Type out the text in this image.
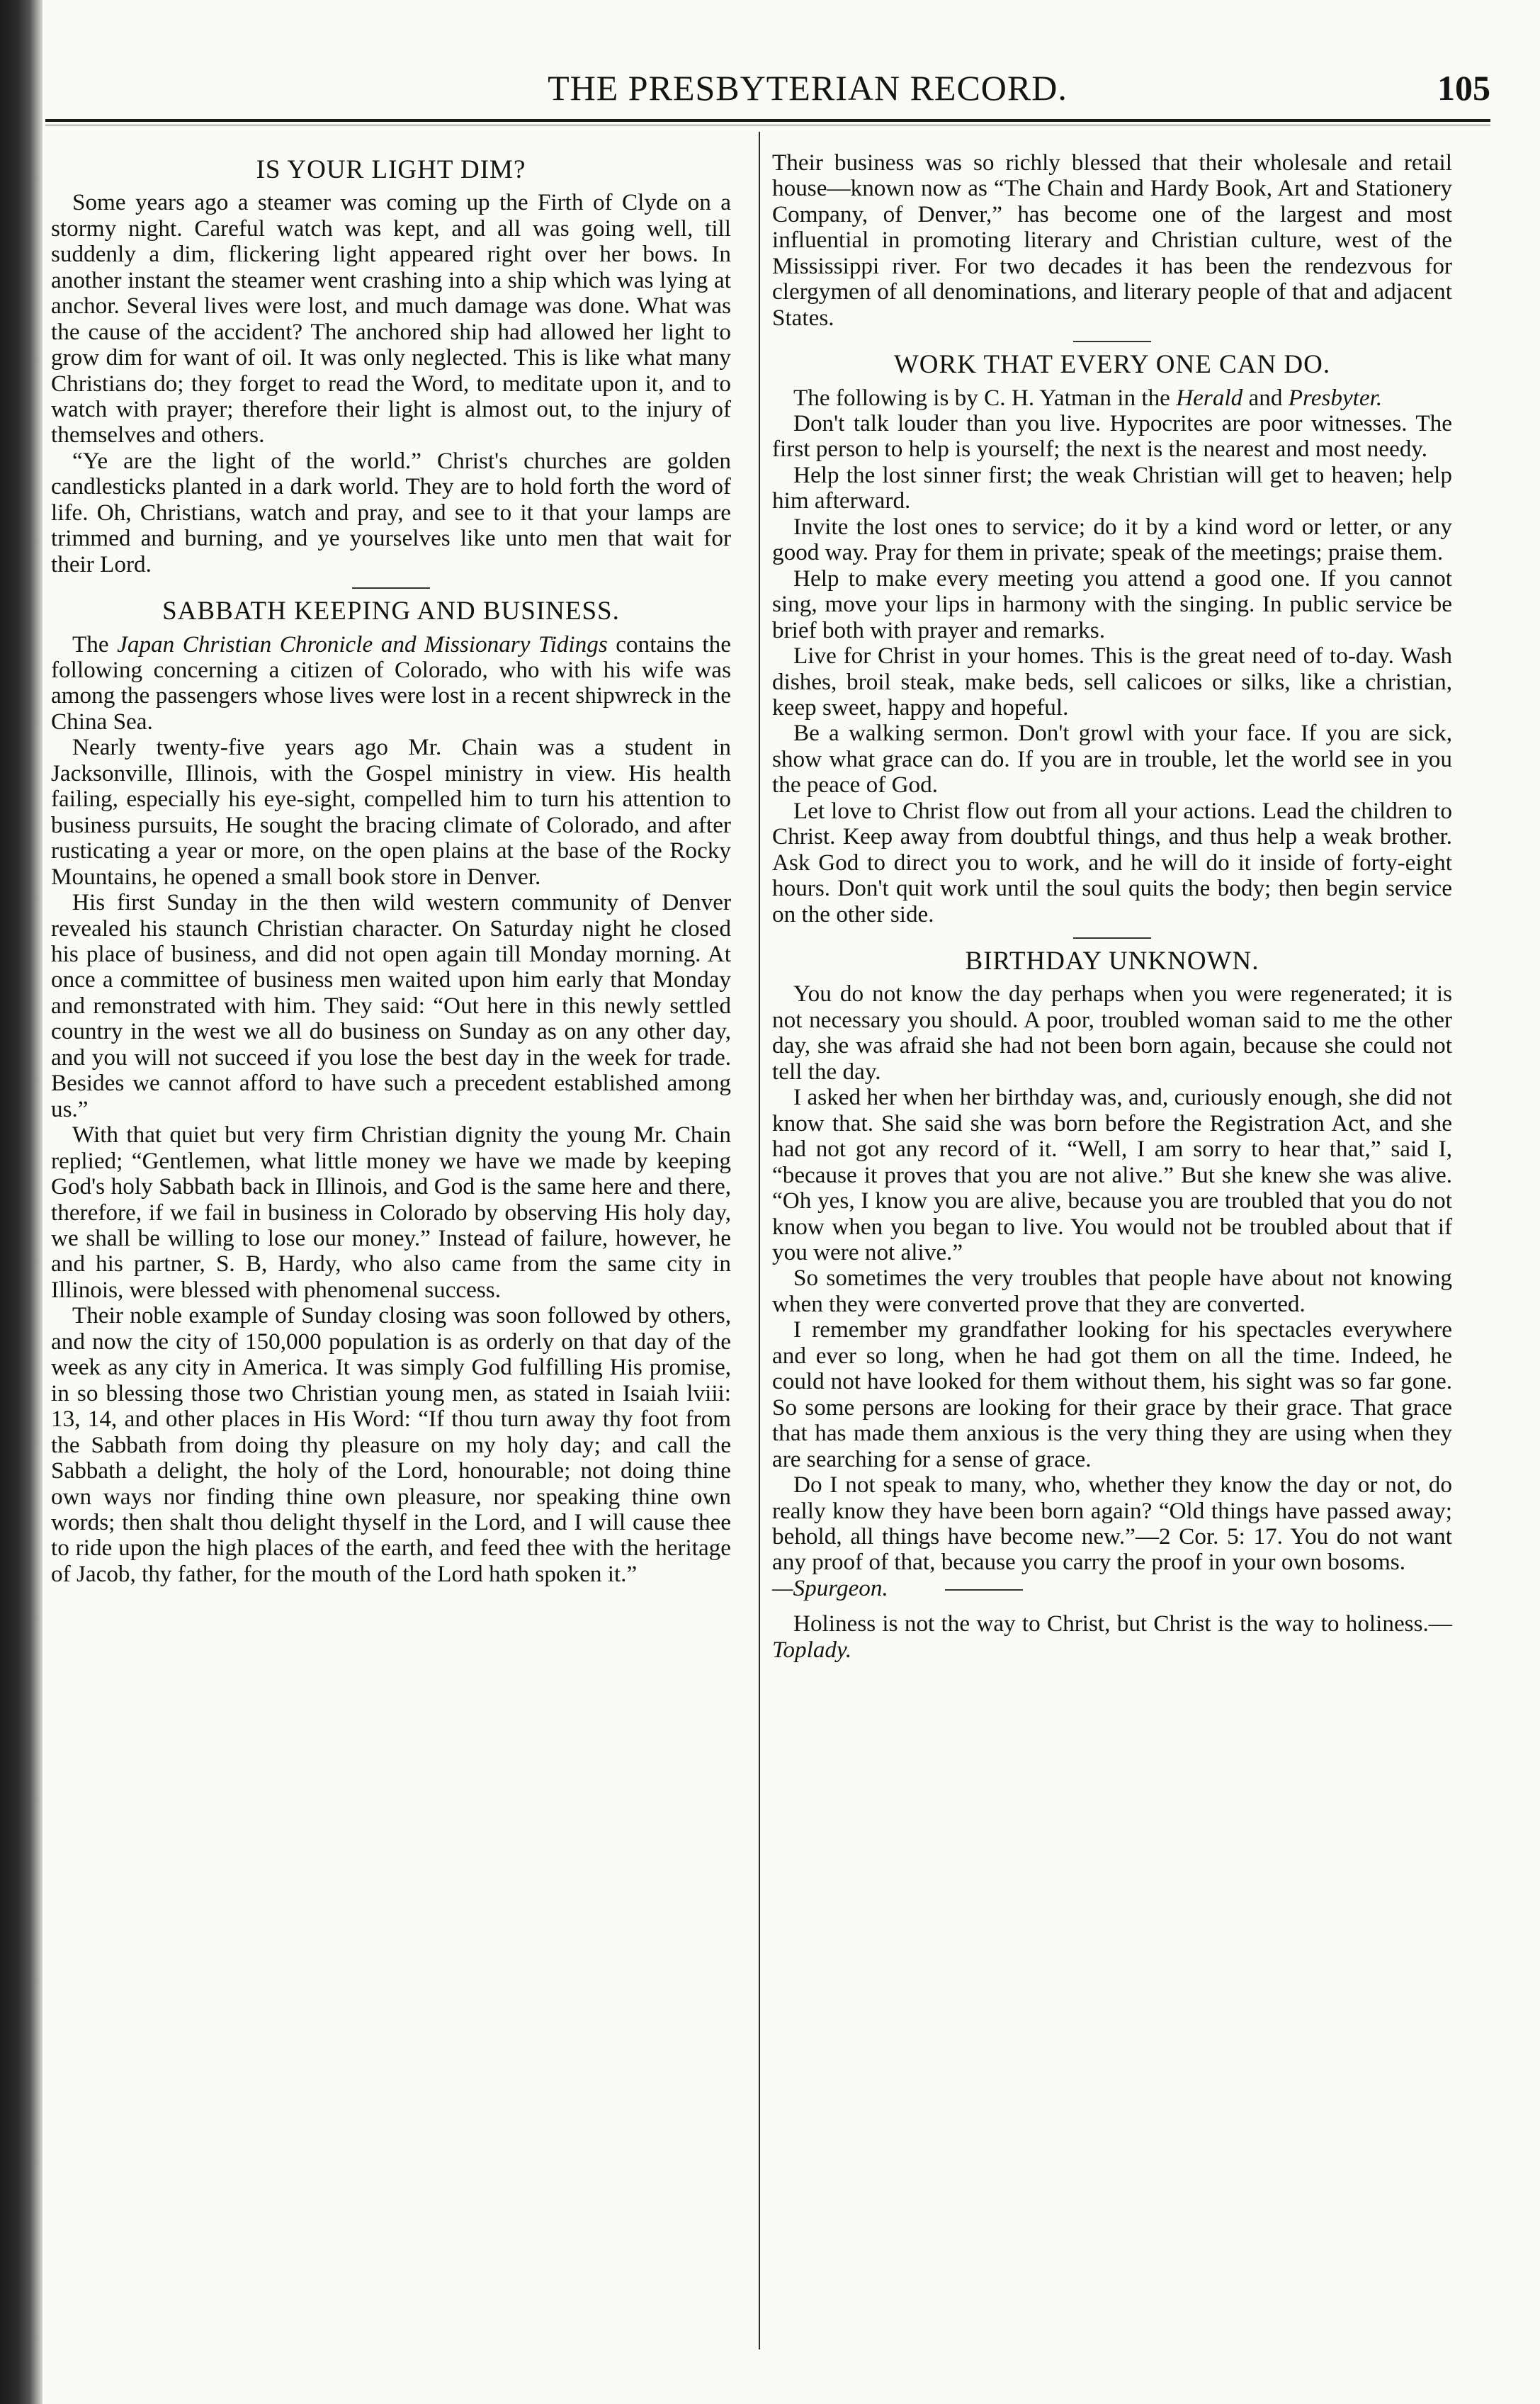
THE PRESBYTERIAN RECORD.	105
IS YOUR LIGHT DIM?

Some years ago a steamer was coming up the Firth of Clyde on a stormy night. Careful watch was kept, and all was going well, till suddenly a dim, flickering light appeared right over her bows. In another instant the steamer went crashing into a ship which was lying at anchor. Several lives were lost, and much damage was done. What was the cause of the accident? The anchored ship had allowed her light to grow dim for want of oil. It was only neglected. This is like what many Christians do; they forget to read the Word, to meditate upon it, and to watch with prayer; therefore their light is almost out, to the injury of themselves and others.

“Ye are the light of the world.” Christ's churches are golden candlesticks planted in a dark world. They are to hold forth the word of life. Oh, Christians, watch and pray, and see to it that your lamps are trimmed and burning, and ye yourselves like unto men that wait for their Lord.

SABBATH KEEPING AND BUSINESS.

The Japan Christian Chronicle and Missionary Tidings contains the following concerning a citizen of Colorado, who with his wife was among the passengers whose lives were lost in a recent shipwreck in the China Sea.

Nearly twenty-five years ago Mr. Chain was a student in Jacksonville, Illinois, with the Gospel ministry in view. His health failing, especially his eye-sight, compelled him to turn his attention to business pursuits, He sought the bracing climate of Colorado, and after rusticating a year or more, on the open plains at the base of the Rocky Mountains, he opened a small book store in Denver.

His first Sunday in the then wild western community of Denver revealed his staunch Christian character. On Saturday night he closed his place of business, and did not open again till Monday morning. At once a committee of business men waited upon him early that Monday and remonstrated with him. They said: “Out here in this newly settled country in the west we all do business on Sunday as on any other day, and you will not succeed if you lose the best day in the week for trade. Besides we cannot afford to have such a precedent established among us.”

With that quiet but very firm Christian dignity the young Mr. Chain replied; “Gentlemen, what little money we have we made by keeping God's holy Sabbath back in Illinois, and God is the same here and there, therefore, if we fail in business in Colorado by observing His holy day, we shall be willing to lose our money.” Instead of failure, however, he and his partner, S. B, Hardy, who also came from the same city in Illinois, were blessed with phenomenal success.

Their noble example of Sunday closing was soon followed by others, and now the city of 150,000 population is as orderly on that day of the week as any city in America. It was simply God fulfilling His promise, in so blessing those two Christian young men, as stated in Isaiah lviii: 13, 14, and other places in His Word: “If thou turn away thy foot from the Sabbath from doing thy pleasure on my holy day; and call the Sabbath a delight, the holy of the Lord, honourable; not doing thine own ways nor finding thine own pleasure, nor speaking thine own words; then shalt thou delight thyself in the Lord, and I will cause thee to ride upon the high places of the earth, and feed thee with the heritage of Jacob, thy father, for the mouth of the Lord hath spoken it.”

Their business was so richly blessed that their wholesale and retail house—known now as “The Chain and Hardy Book, Art and Stationery Company, of Denver,” has become one of the largest and most influential in promoting literary and Christian culture, west of the Mississippi river. For two decades it has been the rendezvous for clergymen of all denominations, and literary people of that and adjacent States.

WORK THAT EVERY ONE CAN DO.

The following is by C. H. Yatman in the Herald and Presbyter.

Don't talk louder than you live. Hypocrites are poor witnesses. The first person to help is yourself; the next is the nearest and most needy.

Help the lost sinner first; the weak Christian will get to heaven; help him afterward.

Invite the lost ones to service; do it by a kind word or letter, or any good way. Pray for them in private; speak of the meetings; praise them.

Help to make every meeting you attend a good one. If you cannot sing, move your lips in harmony with the singing. In public service be brief both with prayer and remarks.

Live for Christ in your homes. This is the great need of to-day. Wash dishes, broil steak, make beds, sell calicoes or silks, like a christian, keep sweet, happy and hopeful.

Be a walking sermon. Don't growl with your face. If you are sick, show what grace can do. If you are in trouble, let the world see in you the peace of God.

Let love to Christ flow out from all your actions. Lead the children to Christ. Keep away from doubtful things, and thus help a weak brother. Ask God to direct you to work, and he will do it inside of forty-eight hours. Don't quit work until the soul quits the body; then begin service on the other side.

BIRTHDAY UNKNOWN.

You do not know the day perhaps when you were regenerated; it is not necessary you should. A poor, troubled woman said to me the other day, she was afraid she had not been born again, because she could not tell the day.

I asked her when her birthday was, and, curiously enough, she did not know that. She said she was born before the Registration Act, and she had not got any record of it. “Well, I am sorry to hear that,” said I, “because it proves that you are not alive.” But she knew she was alive. “Oh yes, I know you are alive, because you are troubled that you do not know when you began to live. You would not be troubled about that if you were not alive.”

So sometimes the very troubles that people have about not knowing when they were converted prove that they are converted.

I remember my grandfather looking for his spectacles everywhere and ever so long, when he had got them on all the time. Indeed, he could not have looked for them without them, his sight was so far gone. So some persons are looking for their grace by their grace. That grace that has made them anxious is the very thing they are using when they are searching for a sense of grace.

Do I not speak to many, who, whether they know the day or not, do really know they have been born again? “Old things have passed away; behold, all things have become new.”—2 Cor. 5: 17. You do not want any proof of that, because you carry the proof in your own bosoms.

—Spurgeon.

Holiness is not the way to Christ, but Christ is the way to holiness.—Toplady.
